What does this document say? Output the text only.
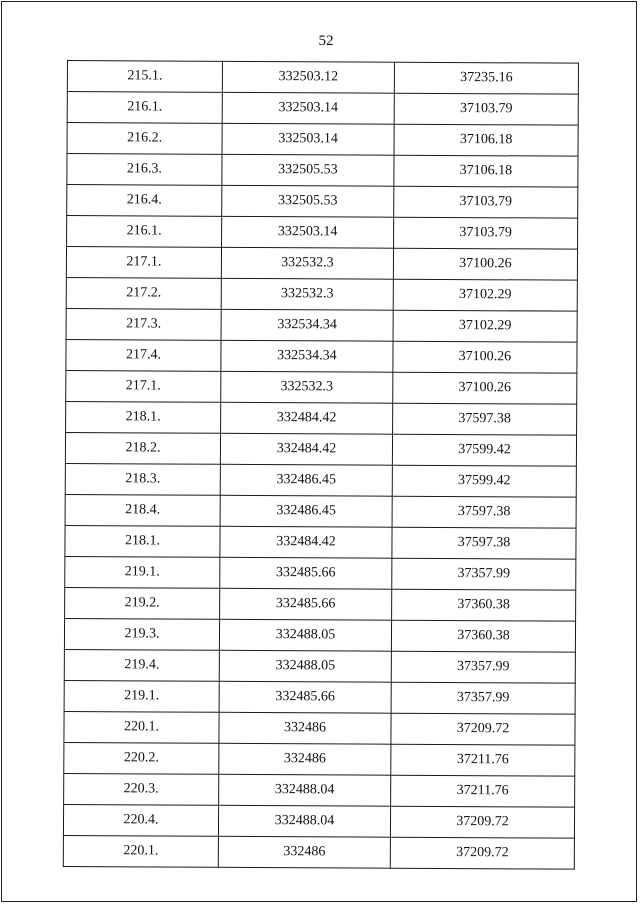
52
215.1.	332503.12	37235.16
216.1.	332503.14	37103.79
216.2.	332503.14	37106.18
216.3.	332505.53	37106.18
216.4.	332505.53	37103.79
216.1.	332503.14	37103.79
217.1.	332532.3	37100.26
217.2.	332532.3	37102.29
217.3.	332534.34	37102.29
217.4.	332534.34	37100.26
217.1.	332532.3	37100.26
218.1.	332484.42	37597.38
218.2.	332484.42	37599.42
218.3.	332486.45	37599.42
218.4.	332486.45	37597.38
218.1.	332484.42	37597.38
219.1.	332485.66	37357.99
219.2.	332485.66	37360.38
219.3.	332488.05	37360.38
219.4.	332488.05	37357.99
219.1.	332485.66	37357.99
220.1.	332486	37209.72
220.2.	332486	37211.76
220.3.	332488.04	37211.76
220.4.	332488.04	37209.72
220.1.	332486	37209.72
